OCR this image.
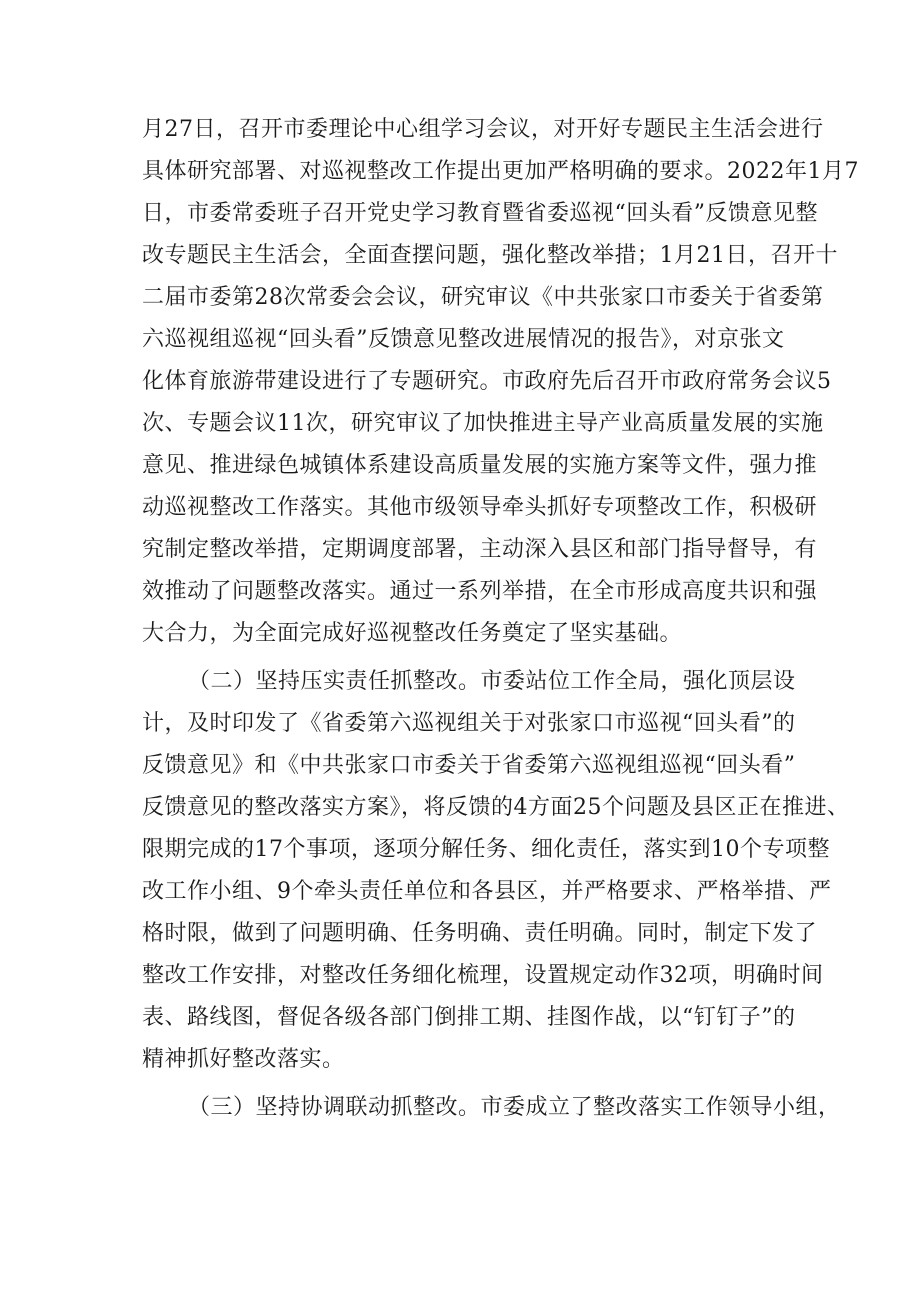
月27日，召开市委理论中心组学习会议，对开好专题民主生活会进行
具体研究部署、对巡视整改工作提出更加严格明确的要求。2022年1月7
日，市委常委班子召开党史学习教育暨省委巡视“回头看”反馈意见整
改专题民主生活会，全面查摆问题，强化整改举措；1月21日，召开十
二届市委第28次常委会会议，研究审议《中共张家口市委关于省委第
六巡视组巡视“回头看”反馈意见整改进展情况的报告》，对京张文
化体育旅游带建设进行了专题研究。市政府先后召开市政府常务会议5
次、专题会议11次，研究审议了加快推进主导产业高质量发展的实施
意见、推进绿色城镇体系建设高质量发展的实施方案等文件，强力推
动巡视整改工作落实。其他市级领导牵头抓好专项整改工作，积极研
究制定整改举措，定期调度部署，主动深入县区和部门指导督导，有
效推动了问题整改落实。通过一系列举措，在全市形成高度共识和强
大合力，为全面完成好巡视整改任务奠定了坚实基础。
（二）坚持压实责任抓整改。市委站位工作全局，强化顶层设
计，及时印发了《省委第六巡视组关于对张家口市巡视“回头看”的
反馈意见》和《中共张家口市委关于省委第六巡视组巡视“回头看”
反馈意见的整改落实方案》，将反馈的4方面25个问题及县区正在推进、
限期完成的17个事项，逐项分解任务、细化责任，落实到10个专项整
改工作小组、9个牵头责任单位和各县区，并严格要求、严格举措、严
格时限，做到了问题明确、任务明确、责任明确。同时，制定下发了
整改工作安排，对整改任务细化梳理，设置规定动作32项，明确时间
表、路线图，督促各级各部门倒排工期、挂图作战，以“钉钉子”的
精神抓好整改落实。
（三）坚持协调联动抓整改。市委成立了整改落实工作领导小组，
